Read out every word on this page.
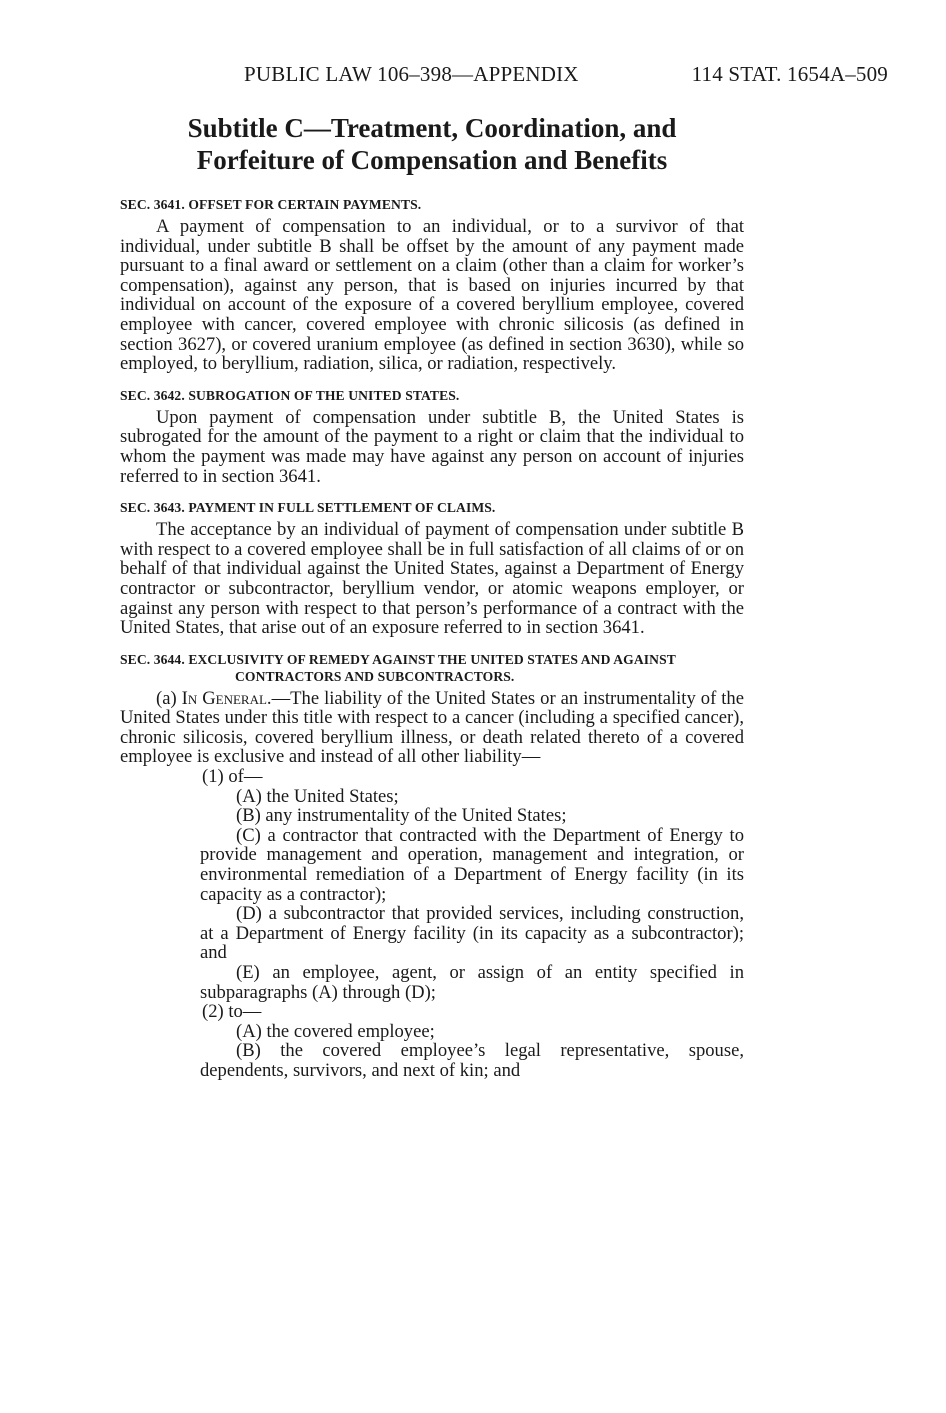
PUBLIC LAW 106–398—APPENDIX	114 STAT. 1654A–509
Subtitle C—Treatment, Coordination, and
Forfeiture of Compensation and Benefits
SEC. 3641. OFFSET FOR CERTAIN PAYMENTS.

A payment of compensation to an individual, or to a survivor of that individual, under subtitle B shall be offset by the amount of any payment made pursuant to a final award or settlement on a claim (other than a claim for worker’s compensation), against any person, that is based on injuries incurred by that individual on account of the exposure of a covered beryllium employee, covered employee with cancer, covered employee with chronic silicosis (as defined in section 3627), or covered uranium employee (as defined in section 3630), while so employed, to beryllium, radiation, silica, or radiation, respectively.

SEC. 3642. SUBROGATION OF THE UNITED STATES.

Upon payment of compensation under subtitle B, the United States is subrogated for the amount of the payment to a right or claim that the individual to whom the payment was made may have against any person on account of injuries referred to in section 3641.

SEC. 3643. PAYMENT IN FULL SETTLEMENT OF CLAIMS.

The acceptance by an individual of payment of compensation under subtitle B with respect to a covered employee shall be in full satisfaction of all claims of or on behalf of that individual against the United States, against a Department of Energy contractor or subcontractor, beryllium vendor, or atomic weapons employer, or against any person with respect to that person’s performance of a contract with the United States, that arise out of an exposure referred to in section 3641.

SEC. 3644. EXCLUSIVITY OF REMEDY AGAINST THE UNITED STATES AND AGAINST CONTRACTORS AND SUBCONTRACTORS.

(a) In General.—The liability of the United States or an instrumentality of the United States under this title with respect to a cancer (including a specified cancer), chronic silicosis, covered beryllium illness, or death related thereto of a covered employee is exclusive and instead of all other liability—

(1) of—

(A) the United States;

(B) any instrumentality of the United States;

(C) a contractor that contracted with the Department of Energy to provide management and operation, management and integration, or environmental remediation of a Department of Energy facility (in its capacity as a contractor);

(D) a subcontractor that provided services, including construction, at a Department of Energy facility (in its capacity as a subcontractor); and

(E) an employee, agent, or assign of an entity specified in subparagraphs (A) through (D);

(2) to—

(A) the covered employee;

(B) the covered employee’s legal representative, spouse, dependents, survivors, and next of kin; and
